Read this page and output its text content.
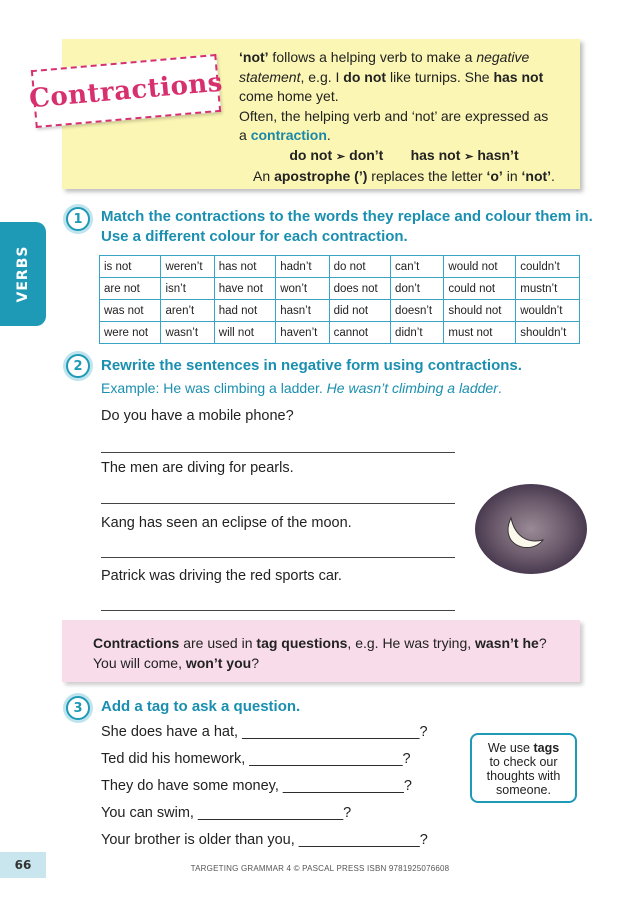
VERBS
Contractions
‘not’ follows a helping verb to make a negative
statement, e.g. I do not like turnips. She has not
come home yet.
Often, the helping verb and ‘not’ are expressed as
a contraction.
do not ➢ don’t has not ➢ hasn’t
An apostrophe (’) replaces the letter ‘o’ in ‘not’.
1	Match the contractions to the words they replace and colour them in.
Use a different colour for each contraction.
is not	weren’t	has not	hadn’t	do not	can’t	would not	couldn’t
are not	isn’t	have not	won’t	does not	don’t	could not	mustn’t
was not	aren’t	had not	hasn’t	did not	doesn’t	should not	wouldn’t
were not	wasn’t	will not	haven’t	cannot	didn’t	must not	shouldn’t
2	Rewrite the sentences in negative form using contractions.
Example: He was climbing a ladder. He wasn’t climbing a ladder.
Do you have a mobile phone?
The men are diving for pearls.
Kang has seen an eclipse of the moon.
Patrick was driving the red sports car.
Contractions are used in tag questions, e.g. He was trying, wasn’t he? You will come, won’t you?
3	Add a tag to ask a question.
She does have a hat, ______________________?
Ted did his homework, ___________________?
They do have some money, _______________?
You can swim, __________________?
Your brother is older than you, _______________?
We use tags
to check our
thoughts with
someone.
66	TARGETING GRAMMAR 4 © PASCAL PRESS ISBN 9781925076608
